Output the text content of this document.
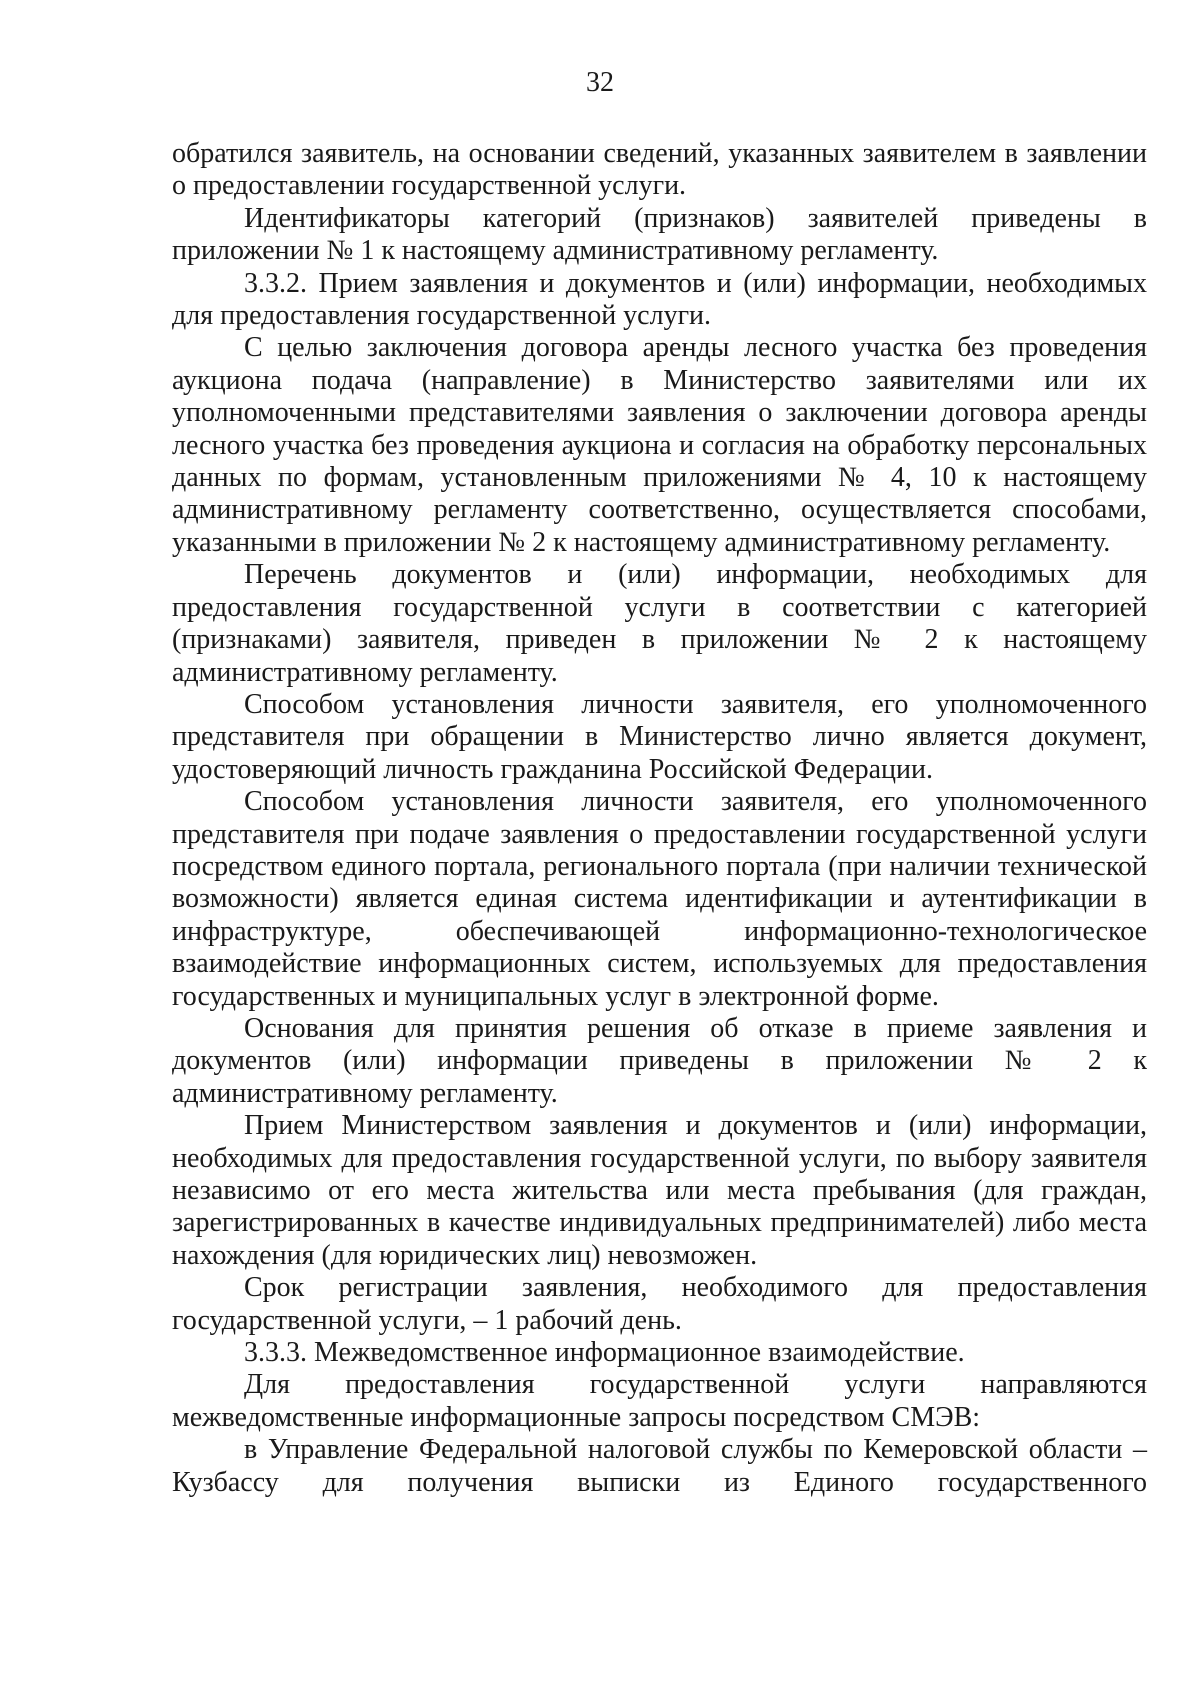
32

обратился заявитель, на основании сведений, указанных заявителем в заявлении о предоставлении государственной услуги.

Идентификаторы категорий (признаков) заявителей приведены в приложении № 1 к настоящему административному регламенту.

3.3.2. Прием заявления и документов и (или) информации, необходимых для предоставления государственной услуги.

С целью заключения договора аренды лесного участка без проведения аукциона подача (направление) в Министерство заявителями или их уполномоченными представителями заявления о заключении договора аренды лесного участка без проведения аукциона и согласия на обработку персональных данных по формам, установленным приложениями № 4, 10 к настоящему административному регламенту соответственно, осуществляется способами, указанными в приложении № 2 к настоящему административному регламенту.

Перечень документов и (или) информации, необходимых для предоставления государственной услуги в соответствии с категорией (признаками) заявителя, приведен в приложении № 2 к настоящему административному регламенту.

Способом установления личности заявителя, его уполномоченного представителя при обращении в Министерство лично является документ, удостоверяющий личность гражданина Российской Федерации.

Способом установления личности заявителя, его уполномоченного представителя при подаче заявления о предоставлении государственной услуги посредством единого портала, регионального портала (при наличии технической возможности) является единая система идентификации и аутентификации в инфраструктуре, обеспечивающей информационно-технологическое взаимодействие информационных систем, используемых для предоставления государственных и муниципальных услуг в электронной форме.

Основания для принятия решения об отказе в приеме заявления и документов (или) информации приведены в приложении № 2 к административному регламенту.

Прием Министерством заявления и документов и (или) информации, необходимых для предоставления государственной услуги, по выбору заявителя независимо от его места жительства или места пребывания (для граждан, зарегистрированных в качестве индивидуальных предпринимателей) либо места нахождения (для юридических лиц) невозможен.

Срок регистрации заявления, необходимого для предоставления государственной услуги, – 1 рабочий день.

3.3.3. Межведомственное информационное взаимодействие.

Для предоставления государственной услуги направляются межведомственные информационные запросы посредством СМЭВ:

в Управление Федеральной налоговой службы по Кемеровской области – Кузбассу для получения выписки из Единого государственного
